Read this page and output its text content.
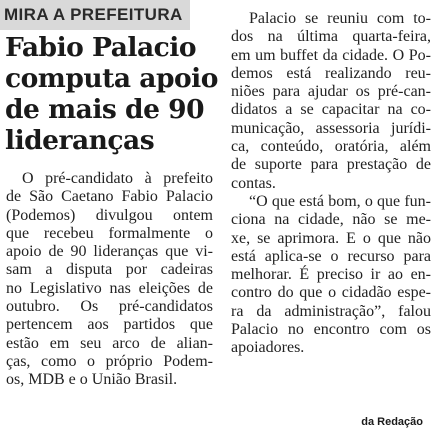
MIRA A PREFEITURA
Fabio Palacio
computa apoio
de mais de 90
lideranças

O pré-candidato à prefeito
de São Caetano Fabio Palacio
(Podemos) divulgou ontem
que recebeu formalmente o
apoio de 90 lideranças que vi-
sam a disputa por cadeiras
no Legislativo nas eleições de
outubro. Os pré-candidatos
pertencem aos partidos que
estão em seu arco de alian-
ças, como o próprio Podem-
os, MDB e o União Brasil.

Palacio se reuniu com to-
dos na última quarta-feira,
em um buffet da cidade. O Po-
demos está realizando reu-
niões para ajudar os pré-can-
didatos a se capacitar na co-
municação, assessoria jurídi-
ca, conteúdo, oratória, além
de suporte para prestação de
contas.

“O que está bom, o que fun-
ciona na cidade, não se me-
xe, se aprimora. E o que não
está aplica-se o recurso para
melhorar. É preciso ir ao en-
contro do que o cidadão espe-
ra da administração”, falou
Palacio no encontro com os
apoiadores.

da Redação
